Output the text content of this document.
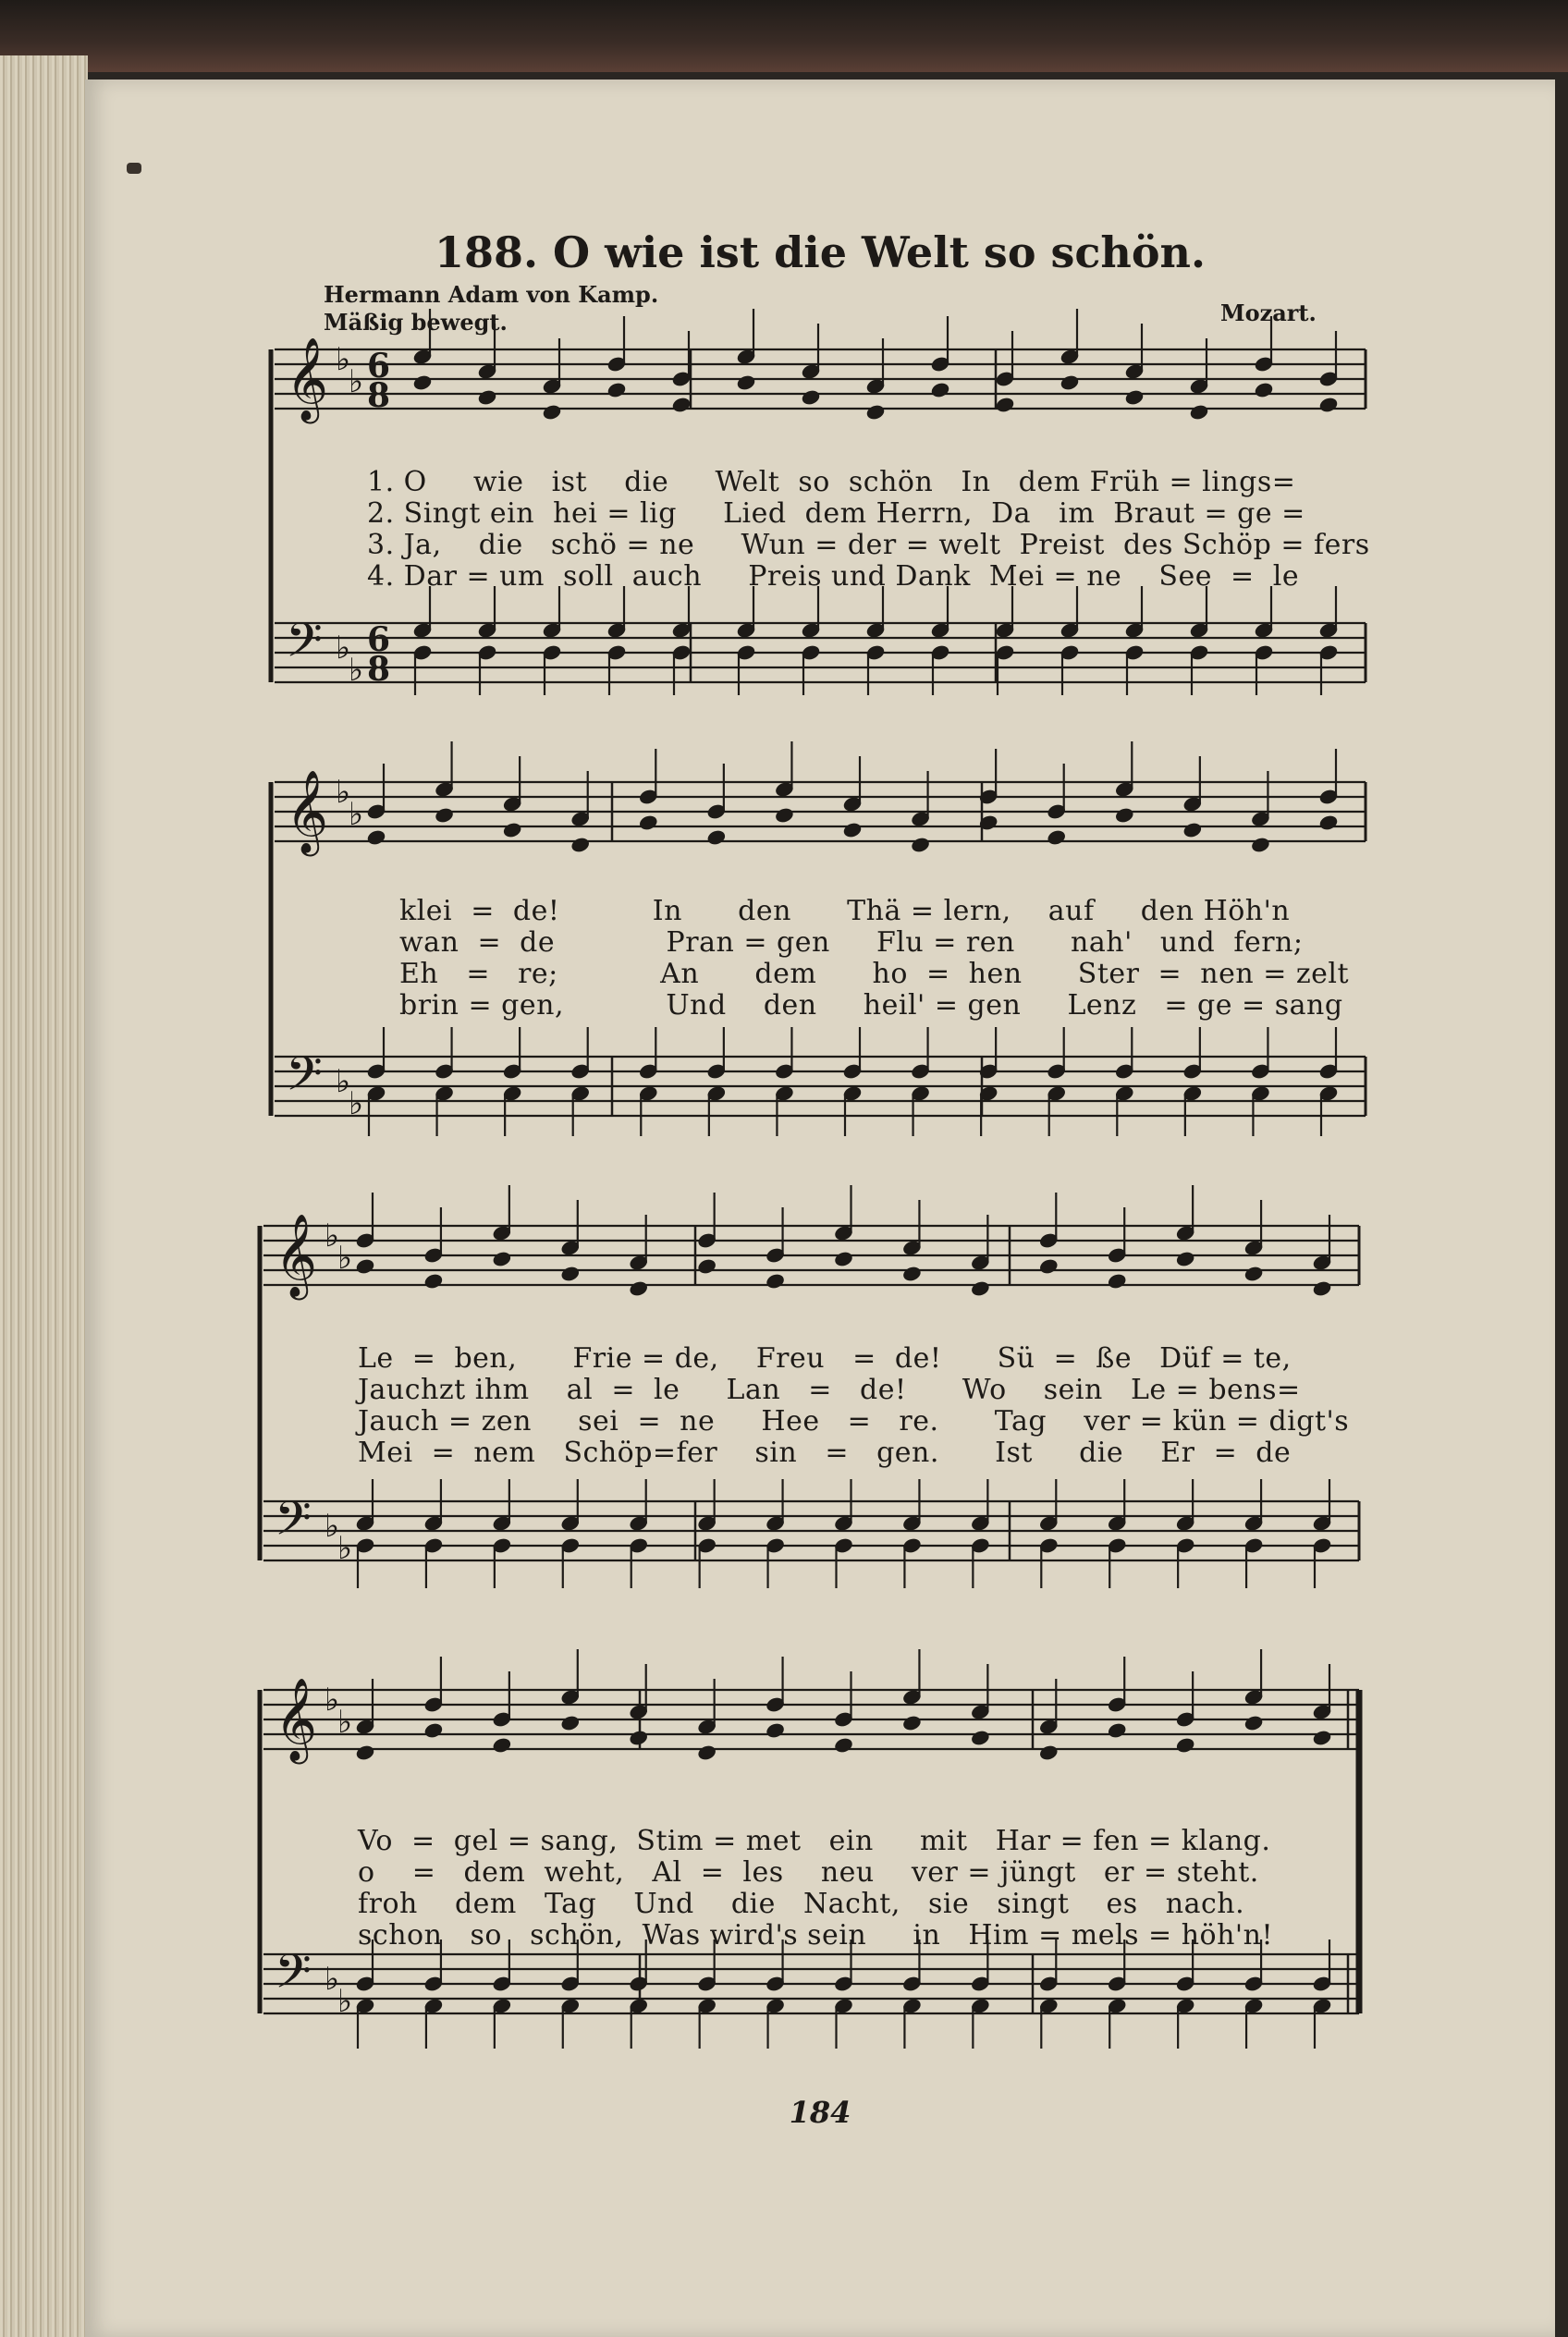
188. O wie ist die Welt so schön.
Hermann Adam von Kamp.
Mäßig bewegt.	Mozart.
𝄞 ♭
♭ 6
8
𝄢 ♭
♭
6
8
𝄞 ♭
♭
𝄢 ♭
♭
𝄞 ♭
♭
𝄢 ♭
♭
𝄞 ♭
♭
𝄢 ♭
♭
1. O     wie   ist    die     Welt  so  schön   In   dem Früh = lings=
2. Singt ein  hei = lig     Lied  dem Herrn,  Da   im  Braut = ge =
3. Ja,    die   schö = ne     Wun = der = welt  Preist  des Schöp = fers
4. Dar = um  soll  auch     Preis und Dank  Mei = ne    See  =  le
klei  =  de!          In      den      Thä = lern,    auf     den Höh'n
wan  =  de            Pran = gen     Flu = ren      nah'   und  fern;
Eh   =   re;           An      dem      ho  =  hen      Ster  =  nen = zelt
brin = gen,           Und    den     heil' = gen     Lenz   = ge = sang
Le  =  ben,      Frie = de,    Freu   =  de!      Sü  =  ße   Düf = te,
Jauchzt ihm    al  =  le     Lan   =   de!      Wo    sein   Le = bens=
Jauch = zen     sei  =  ne     Hee   =   re.      Tag    ver = kün = digt's
Mei  =  nem   Schöp=fer    sin   =   gen.      Ist     die    Er  =  de
Vo  =  gel = sang,  Stim = met   ein     mit   Har = fen = klang.
o    =   dem  weht,   Al  =  les    neu    ver = jüngt   er = steht.
froh    dem   Tag    Und    die   Nacht,   sie   singt    es   nach.
schon   so   schön,  Was wird's sein     in   Him = mels = höh'n!
184
